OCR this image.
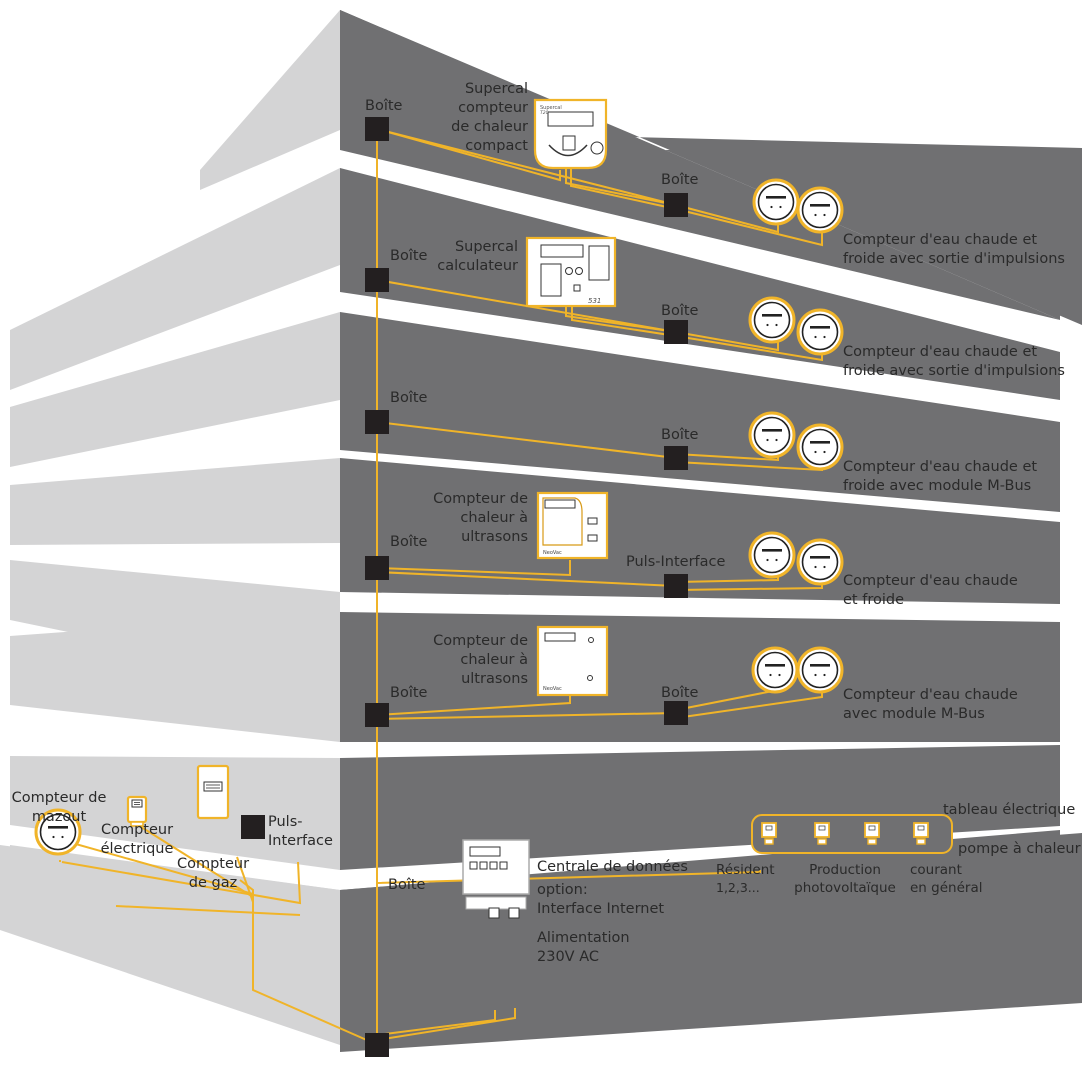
Supercal
T20
531
NeoVac
NeoVac
Boîte
Supercal
compteur
de chaleur
compact
Boîte
Compteur d'eau chaude et
froide avec sortie d'impulsions
Boîte
Supercal
calculateur
Boîte
Compteur d'eau chaude et
froide avec sortie d'impulsions
Boîte
Boîte
Compteur d'eau chaude et
froide avec module M-Bus
Boîte
Compteur de
chaleur à
ultrasons
Puls-Interface
Compteur d'eau chaude
et froide
Boîte
Compteur de
chaleur à
ultrasons
Boîte	Compteur d'eau chaude
avec module M-Bus
Compteur de
mazout
Compteur
électrique
Compteur
de gaz
Puls-
Interface
Boîte
Centrale de données
option:
Interface Internet
Alimentation
230V AC
tableau électrique
pompe à chaleur
Résident
1,2,3...
Production
photovoltaïque
courant
en général
